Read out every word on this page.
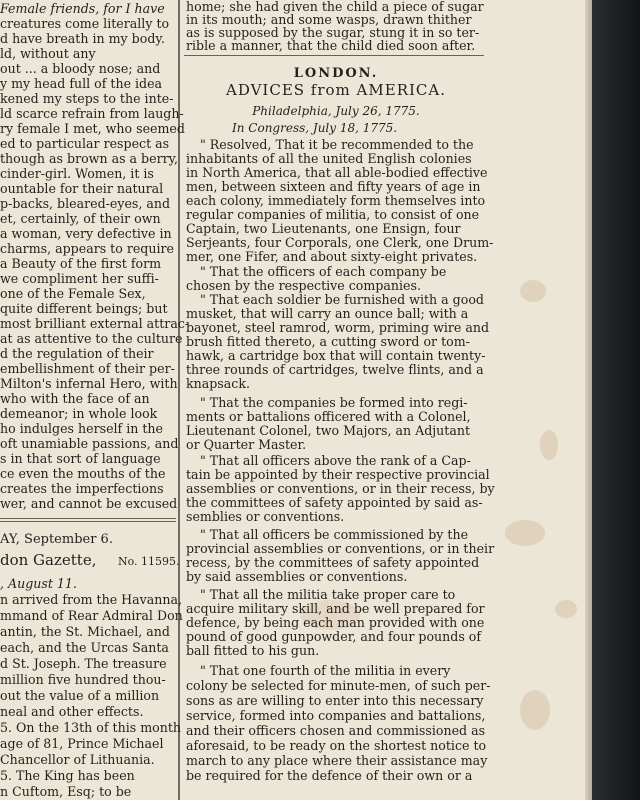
Female friends, for I have
creatures come literally to
d have breath in my body.
ld, without any
out ... a bloody nose; and
y my head full of the idea
kened my steps to the inte-
ld scarce refrain from laugh-
ry female I met, who seemed
ed to particular respect as
though as brown as a berry,
cinder-girl. Women, it is
ountable for their natural
p-backs, bleared-eyes, and
et, certainly, of their own
a woman, very defective in
charms, appears to require
a Beauty of the first form
we compliment her suffi-
one of the Female Sex,
quite different beings; but
most brilliant external attrac-
at as attentive to the culture
d the regulation of their
embellishment of their per-
Milton's infernal Hero, with
who with the face of an
demeanor; in whole look
ho indulges herself in the
oft unamiable passions, and
s in that sort of language
ce even the mouths of the
creates the imperfections
wer, and cannot be excused
AY, September 6.
don Gazette, No. 11595.
, August 11.
n arrived from the Havanna,
mmand of Rear Admiral Don
antin, the St. Michael, and
each, and the Urcas Santa
d St. Joseph. The treasure
million five hundred thou-
out the value of a million
neal and other effects.
5. On the 13th of this month
age of 81, Prince Michael
Chancellor of Lithuania.
5. The King has been
n Cuftom, Esq; to be
home; she had given the child a piece of sugar
in its mouth; and some wasps, drawn thither
as is supposed by the sugar, stung it in so ter-
rible a manner, that the child died soon after.
LONDON.
ADVICES from AMERICA.
Philadelphia, July 26, 1775.
In Congress, July 18, 1775.
" Resolved, That it be recommended to the
inhabitants of all the united English colonies
in North America, that all able-bodied effective
men, between sixteen and fifty years of age in
each colony, immediately form themselves into
regular companies of militia, to consist of one
Captain, two Lieutenants, one Ensign, four
Serjeants, four Corporals, one Clerk, one Drum-
mer, one Fifer, and about sixty-eight privates.
" That the officers of each company be
chosen by the respective companies.
" That each soldier be furnished with a good
musket, that will carry an ounce ball; with a
bayonet, steel ramrod, worm, priming wire and
brush fitted thereto, a cutting sword or tom-
hawk, a cartridge box that will contain twenty-
three rounds of cartridges, twelve flints, and a
knapsack.
" That the companies be formed into regi-
ments or battalions officered with a Colonel,
Lieutenant Colonel, two Majors, an Adjutant
or Quarter Master.
" That all officers above the rank of a Cap-
tain be appointed by their respective provincial
assemblies or conventions, or in their recess, by
the committees of safety appointed by said as-
semblies or conventions.
" That all officers be commissioned by the
provincial assemblies or conventions, or in their
recess, by the committees of safety appointed
by said assemblies or conventions.
" That all the militia take proper care to
acquire military skill, and be well prepared for
defence, by being each man provided with one
pound of good gunpowder, and four pounds of
ball fitted to his gun.
" That one fourth of the militia in every
colony be selected for minute-men, of such per-
sons as are willing to enter into this necessary
service, formed into companies and battalions,
and their officers chosen and commissioned as
aforesaid, to be ready on the shortest notice to
march to any place where their assistance may
be required for the defence of their own or a
